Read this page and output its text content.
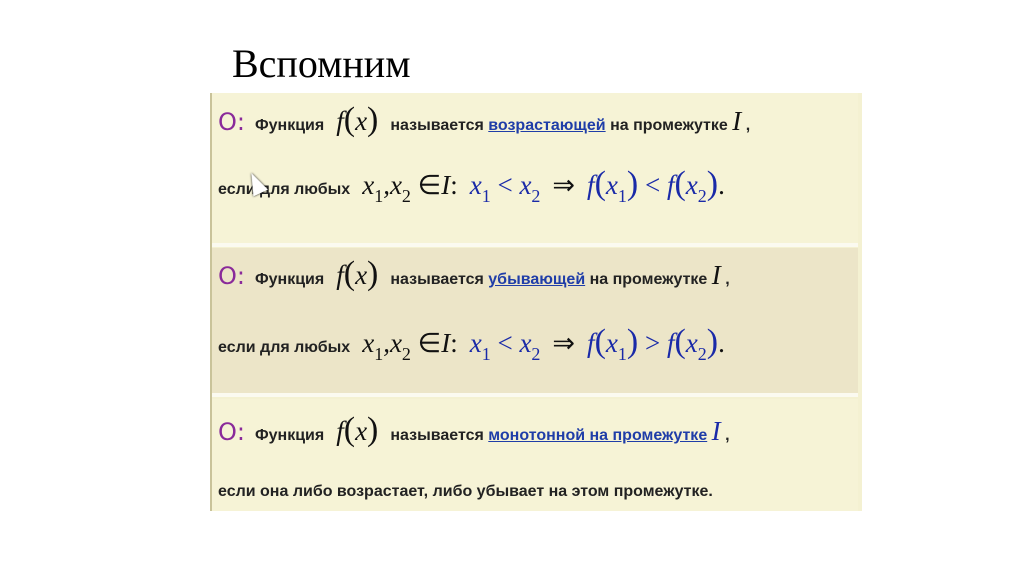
Вспомним
О: Функция f(x) называется
возрастающей
на промежутке
I
,
если для любых $x_1,x_2$ ∈I: $x_1 < x_2$ ⇒ $f(x_1) < f(x_2)$ .
О: Функция f(x) называется
убывающей
на промежутке
I
,
если для любых $x_1,x_2$ ∈I: $x_1 < x_2$ ⇒ $f(x_1) > f(x_2)$ .
О: Функция f(x) называется
монотонной на промежутке
I
,
если она либо возрастает, либо убывает на этом промежутке.
